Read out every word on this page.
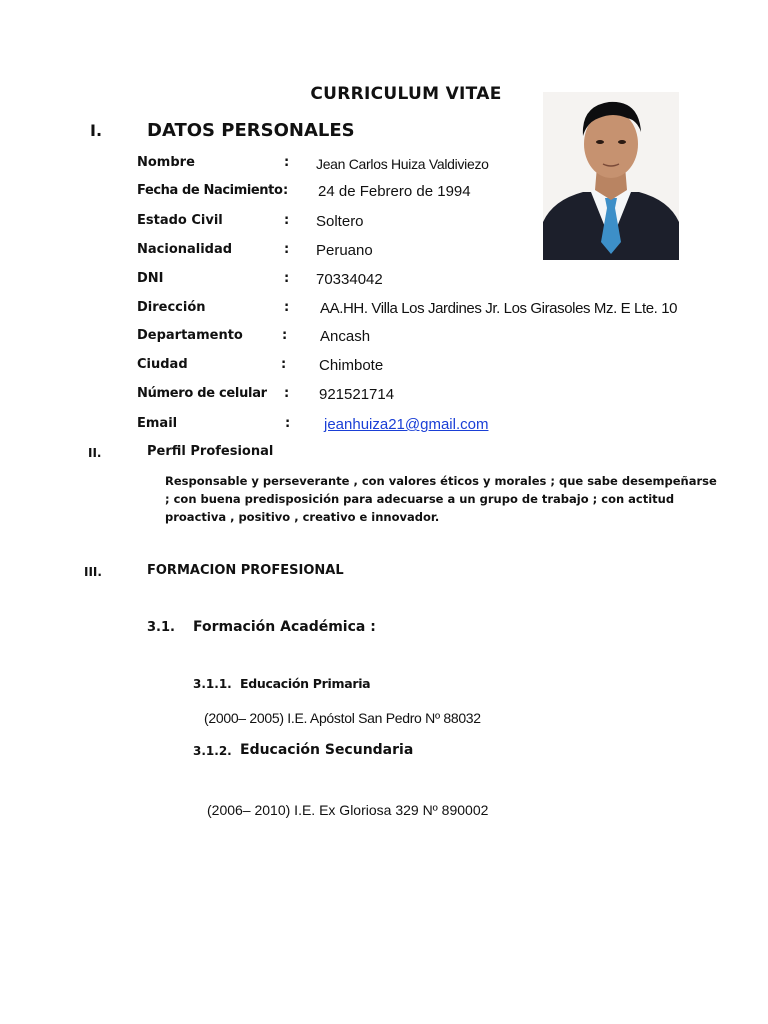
CURRICULUM VITAE
I. DATOS PERSONALES
Nombre	: Jean Carlos Huiza Valdiviezo
Fecha de Nacimiento : 24 de Febrero de 1994
Estado Civil	: Soltero
Nacionalidad	: Peruano
DNI	: 70334042
Dirección	: AA.HH. Villa Los Jardines Jr. Los Girasoles Mz. E Lte. 10
Departamento	: Ancash
Ciudad	: Chimbote
Número de celular : 921521714
Email	: jeanhuiza21@gmail.com
II.	Perfil Profesional
Responsable y perseverante , con valores éticos y morales ; que sabe desempeñarse ; con buena predisposición para adecuarse a un grupo de trabajo ; con actitud proactiva , positivo , creativo e innovador.
III.	FORMACION PROFESIONAL
3.1. Formación Académica :
3.1.1. Educación Primaria
(2000– 2005) I.E. Apóstol San Pedro Nº 88032
3.1.2. Educación Secundaria
(2006– 2010) I.E. Ex Gloriosa 329 Nº 890002
